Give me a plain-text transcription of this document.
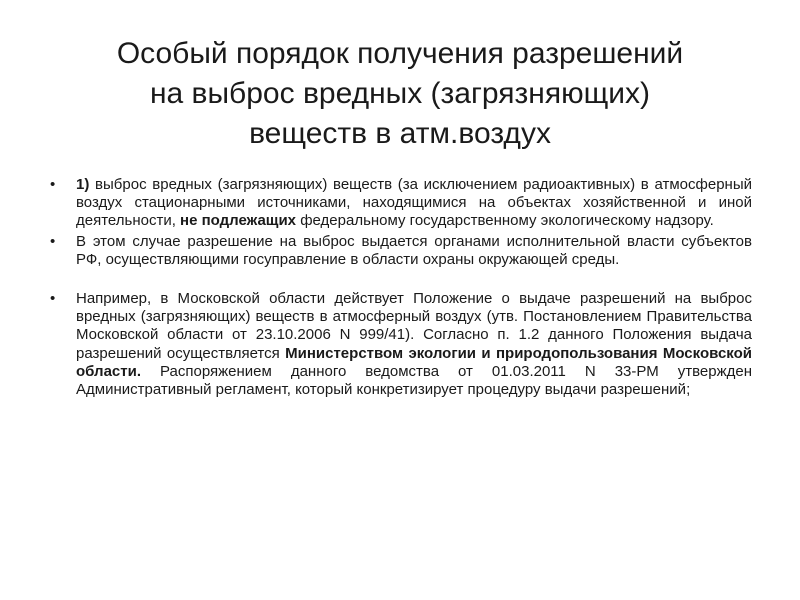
Особый порядок получения разрешений
на выброс вредных (загрязняющих)
веществ в атм.воздух
• 1) выброс вредных (загрязняющих) веществ (за исключением радиоактивных) в атмосферный воздух стационарными источниками, находящимися на объектах хозяйственной и иной деятельности, не подлежащих федеральному государственному экологическому надзору.
• В этом случае разрешение на выброс выдается органами исполнительной власти субъектов РФ, осуществляющими госуправление в области охраны окружающей среды.
• Например, в Московской области действует Положение о выдаче разрешений на выброс вредных (загрязняющих) веществ в атмосферный воздух (утв. Постановлением Правительства Московской области от 23.10.2006 N 999/41). Согласно п. 1.2 данного Положения выдача разрешений осуществляется Министерством экологии и природопользования Московской области. Распоряжением данного ведомства от 01.03.2011 N 33-РМ утвержден Административный регламент, который конкретизирует процедуру выдачи разрешений;
